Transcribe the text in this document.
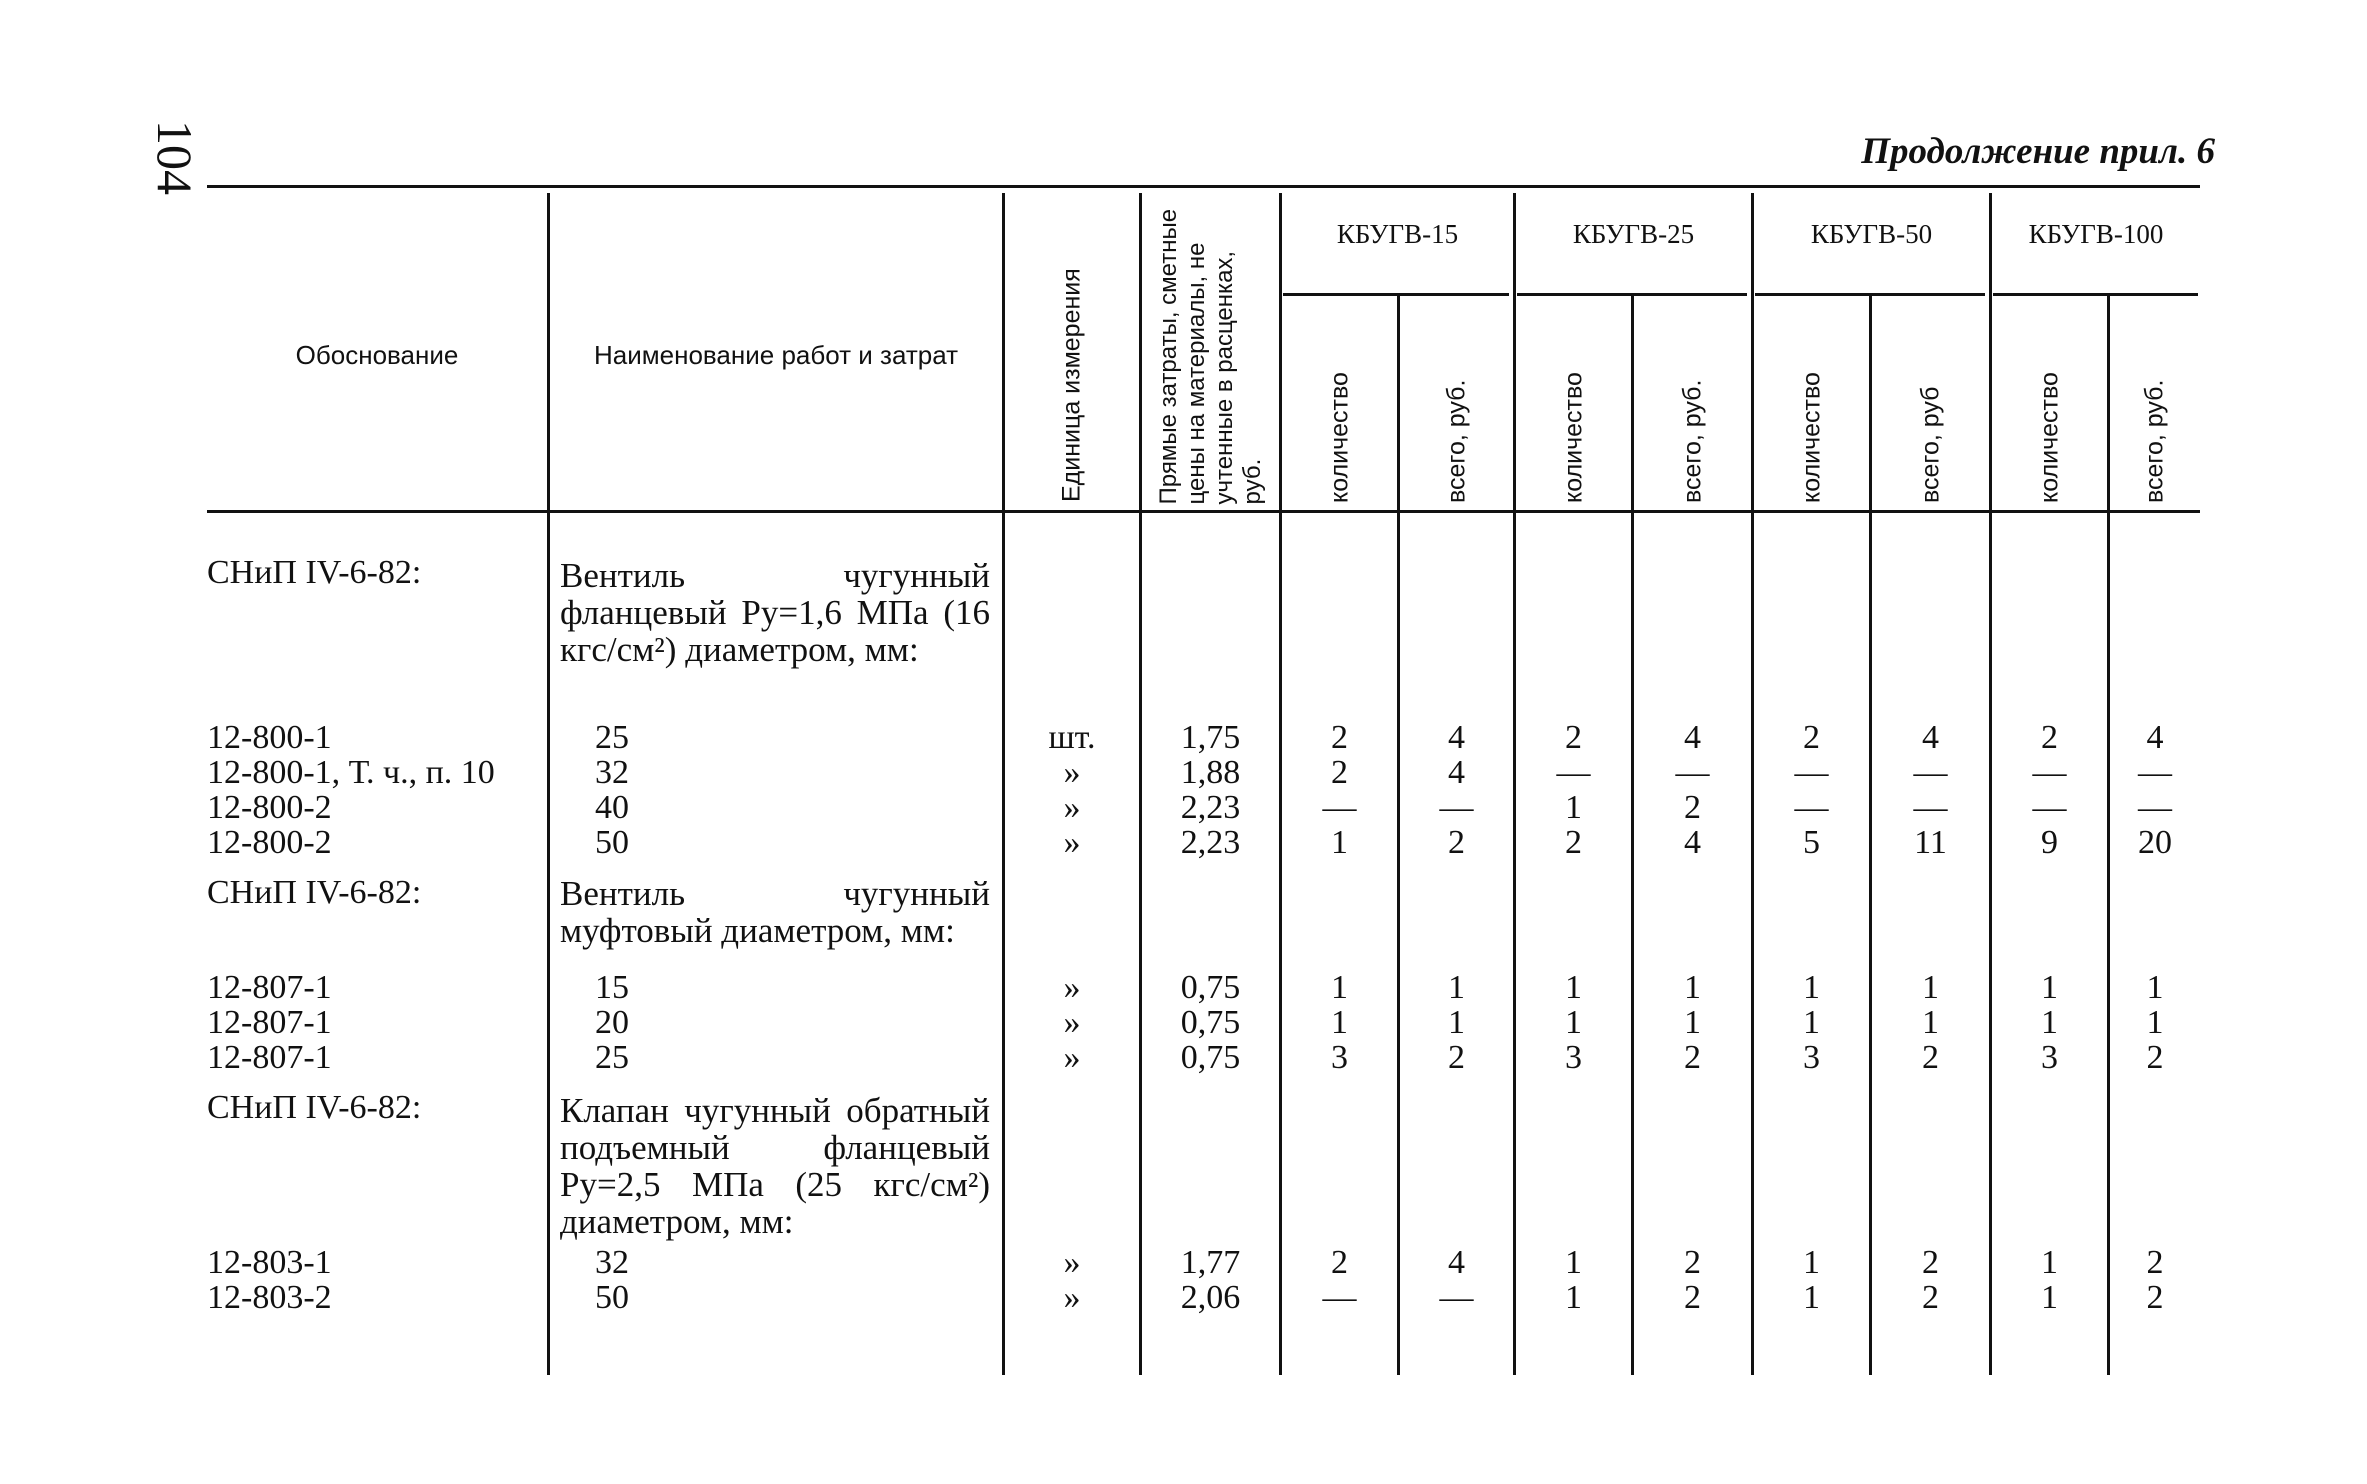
104	Продолжение прил. 6
Обоснование	Наименование работ и затрат	Единица измерения	Прямые затраты, сметные цены на материалы, не учтенные в расценках, руб.
КБУГВ-15	КБУГВ-25	КБУГВ-50	КБУГВ-100
количество	всего, руб.	количество	всего, руб.	количество	всего, руб	количество	всего, руб.
СНиП IV-6-82:	Вентиль чугунный фланцевый Pу=1,6 МПа (16 кгс/см²) диаметром, мм:
12-800-1	25	шт.	1,75	2	4	2	4	2	4	2	4
12-800-1, Т. ч., п. 10	32	»	1,88	2	4	—	—	—	—	—	—
12-800-2	40	»	2,23	—	—	1	2	—	—	—	—
12-800-2	50	»	2,23	1	2	2	4	5	11	9	20
СНиП IV-6-82:	Вентиль чугунный муфтовый диаметром, мм:
12-807-1	15	»	0,75	1	1	1	1	1	1	1	1
12-807-1	20	»	0,75	1	1	1	1	1	1	1	1
12-807-1	25	»	0,75	3	2	3	2	3	2	3	2
СНиП IV-6-82:	Клапан чугунный обратный подъемный фланцевый Pу=2,5 МПа (25 кгс/см²) диаметром, мм:
12-803-1	32	»	1,77	2	4	1	2	1	2	1	2
12-803-2	50	»	2,06	—	—	1	2	1	2	1	2
